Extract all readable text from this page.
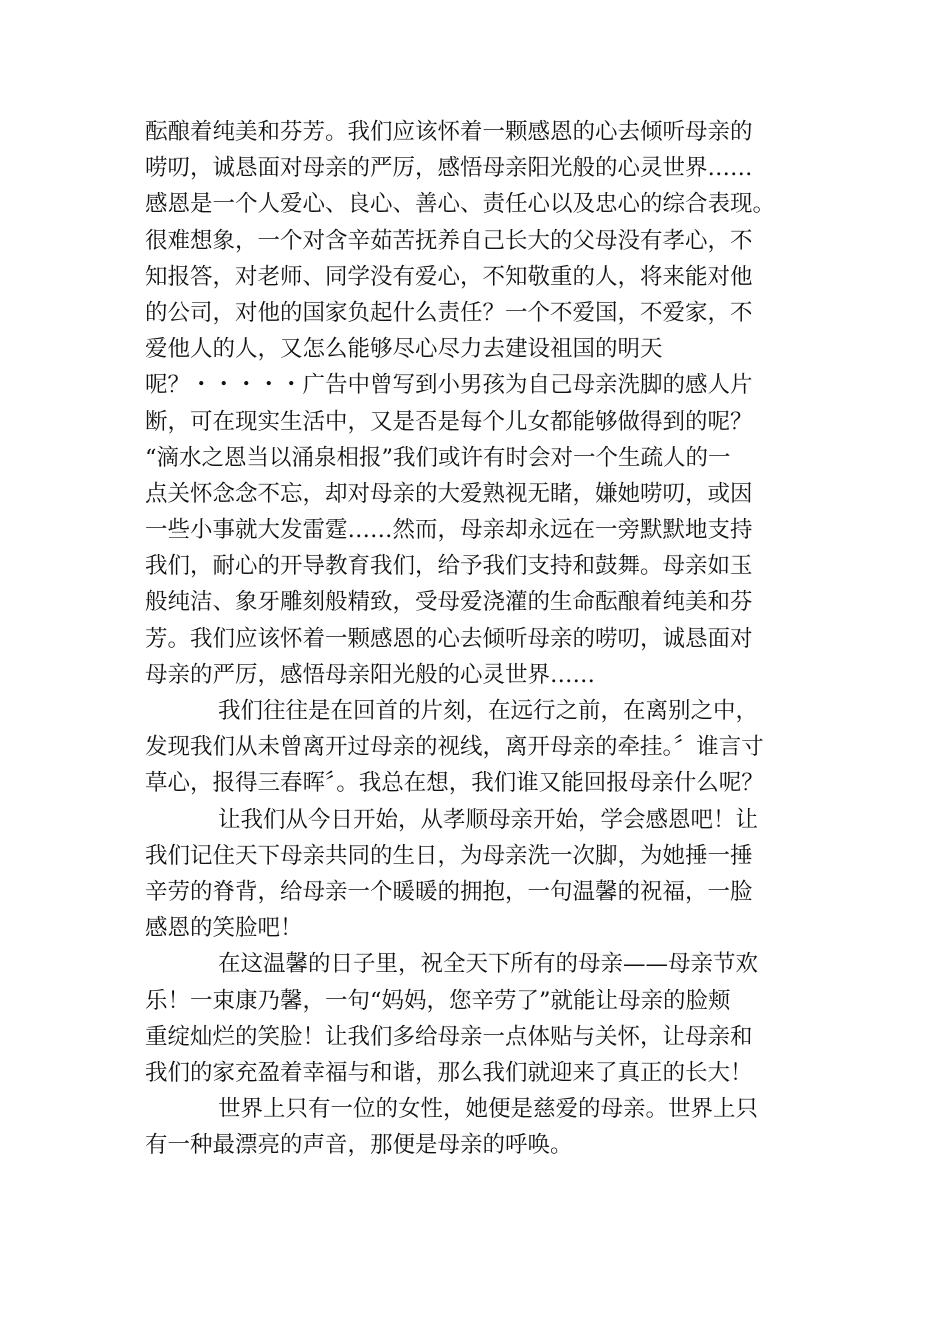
酝酿着纯美和芬芳。我们应该怀着一颗感恩的心去倾听母亲的
唠叨，诚恳面对母亲的严厉，感悟母亲阳光般的心灵世界……
感恩是一个人爱心、良心、善心、责任心以及忠心的综合表现。
很难想象，一个对含辛茹苦抚养自己长大的父母没有孝心，不
知报答，对老师、同学没有爱心，不知敬重的人，将来能对他
的公司，对他的国家负起什么责任？一个不爱国，不爱家，不
爱他人的人，又怎么能够尽心尽力去建设祖国的明天
呢？・・・・・广告中曾写到小男孩为自己母亲洗脚的感人片
断，可在现实生活中，又是否是每个儿女都能够做得到的呢？
“滴水之恩当以涌泉相报”我们或许有时会对一个生疏人的一
点关怀念念不忘，却对母亲的大爱熟视无睹，嫌她唠叨，或因
一些小事就大发雷霆……然而，母亲却永远在一旁默默地支持
我们，耐心的开导教育我们，给予我们支持和鼓舞。母亲如玉
般纯洁、象牙雕刻般精致，受母爱浇灌的生命酝酿着纯美和芬
芳。我们应该怀着一颗感恩的心去倾听母亲的唠叨，诚恳面对
母亲的严厉，感悟母亲阳光般的心灵世界……
我们往往是在回首的片刻，在远行之前，在离别之中，
发现我们从未曾离开过母亲的视线，离开母亲的牵挂。〞谁言寸
草心，报得三春晖〞。我总在想，我们谁又能回报母亲什么呢？
让我们从今日开始，从孝顺母亲开始，学会感恩吧！让
我们记住天下母亲共同的生日，为母亲洗一次脚，为她捶一捶
辛劳的脊背，给母亲一个暖暖的拥抱，一句温馨的祝福，一脸
感恩的笑脸吧！
在这温馨的日子里，祝全天下所有的母亲——母亲节欢
乐！一束康乃馨，一句“妈妈，您辛劳了”就能让母亲的脸颊
重绽灿烂的笑脸！让我们多给母亲一点体贴与关怀，让母亲和
我们的家充盈着幸福与和谐，那么我们就迎来了真正的长大！
世界上只有一位的女性，她便是慈爱的母亲。世界上只
有一种最漂亮的声音，那便是母亲的呼唤。
